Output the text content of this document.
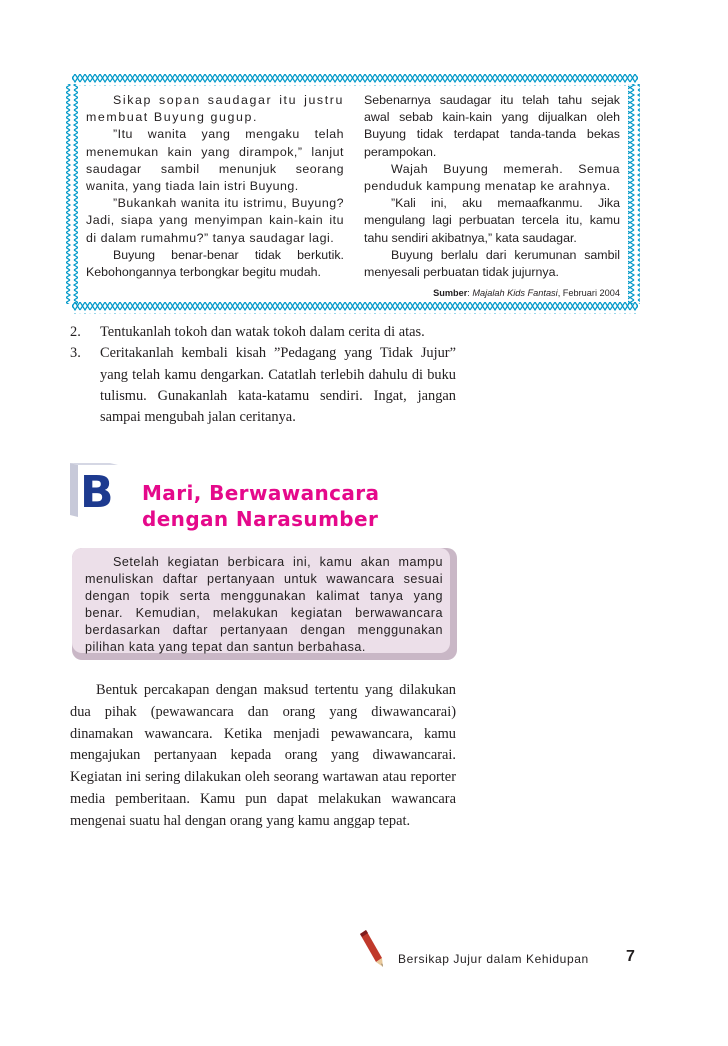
Sikap sopan saudagar itu justru membuat Buyung gugup.

”Itu wanita yang mengaku telah menemukan kain yang dirampok,” lanjut saudagar sambil menunjuk seorang wanita, yang tiada lain istri Buyung.

”Bukankah wanita itu istrimu, Buyung? Jadi, siapa yang menyimpan kain-kain itu di dalam rumahmu?” tanya saudagar lagi.

Buyung benar-benar tidak berkutik. Kebohongannya terbongkar begitu mudah.

Sebenarnya saudagar itu telah tahu sejak awal sebab kain-kain yang dijualkan oleh Buyung tidak terdapat tanda-tanda bekas perampokan.

Wajah Buyung memerah. Semua penduduk kampung menatap ke arahnya.

”Kali ini, aku memaafkanmu. Jika mengulang lagi perbuatan tercela itu, kamu tahu sendiri akibatnya,” kata saudagar.

Buyung berlalu dari kerumunan sambil menyesali perbuatan tidak jujurnya.

Sumber: Majalah Kids Fantasi, Februari 2004
2.	Tentukanlah tokoh dan watak tokoh dalam cerita di atas.
3.	Ceritakanlah kembali kisah ”Pedagang yang Tidak Jujur” yang telah kamu dengarkan. Catatlah terlebih dahulu di buku tulismu. Gunakanlah kata-katamu sendiri. Ingat, jangan sampai mengubah jalan ceritanya.
B Mari, Berwawancara
dengan Narasumber

Setelah kegiatan berbicara ini, kamu akan mampu menuliskan daftar pertanyaan untuk wawancara sesuai dengan topik serta menggunakan kalimat tanya yang benar. Kemudian, melakukan kegiatan berwawancara berdasarkan daftar pertanyaan dengan menggunakan pilihan kata yang tepat dan santun berbahasa.

Bentuk percakapan dengan maksud tertentu yang dilakukan dua pihak (pewawancara dan orang yang diwawancarai) dinamakan wawancara. Ketika menjadi pewawancara, kamu mengajukan pertanyaan kepada orang yang diwawancarai. Kegiatan ini sering dilakukan oleh seorang wartawan atau reporter media pemberitaan. Kamu pun dapat melakukan wawancara mengenai suatu hal dengan orang yang kamu anggap tepat.

Bersikap Jujur dalam Kehidupan 7
